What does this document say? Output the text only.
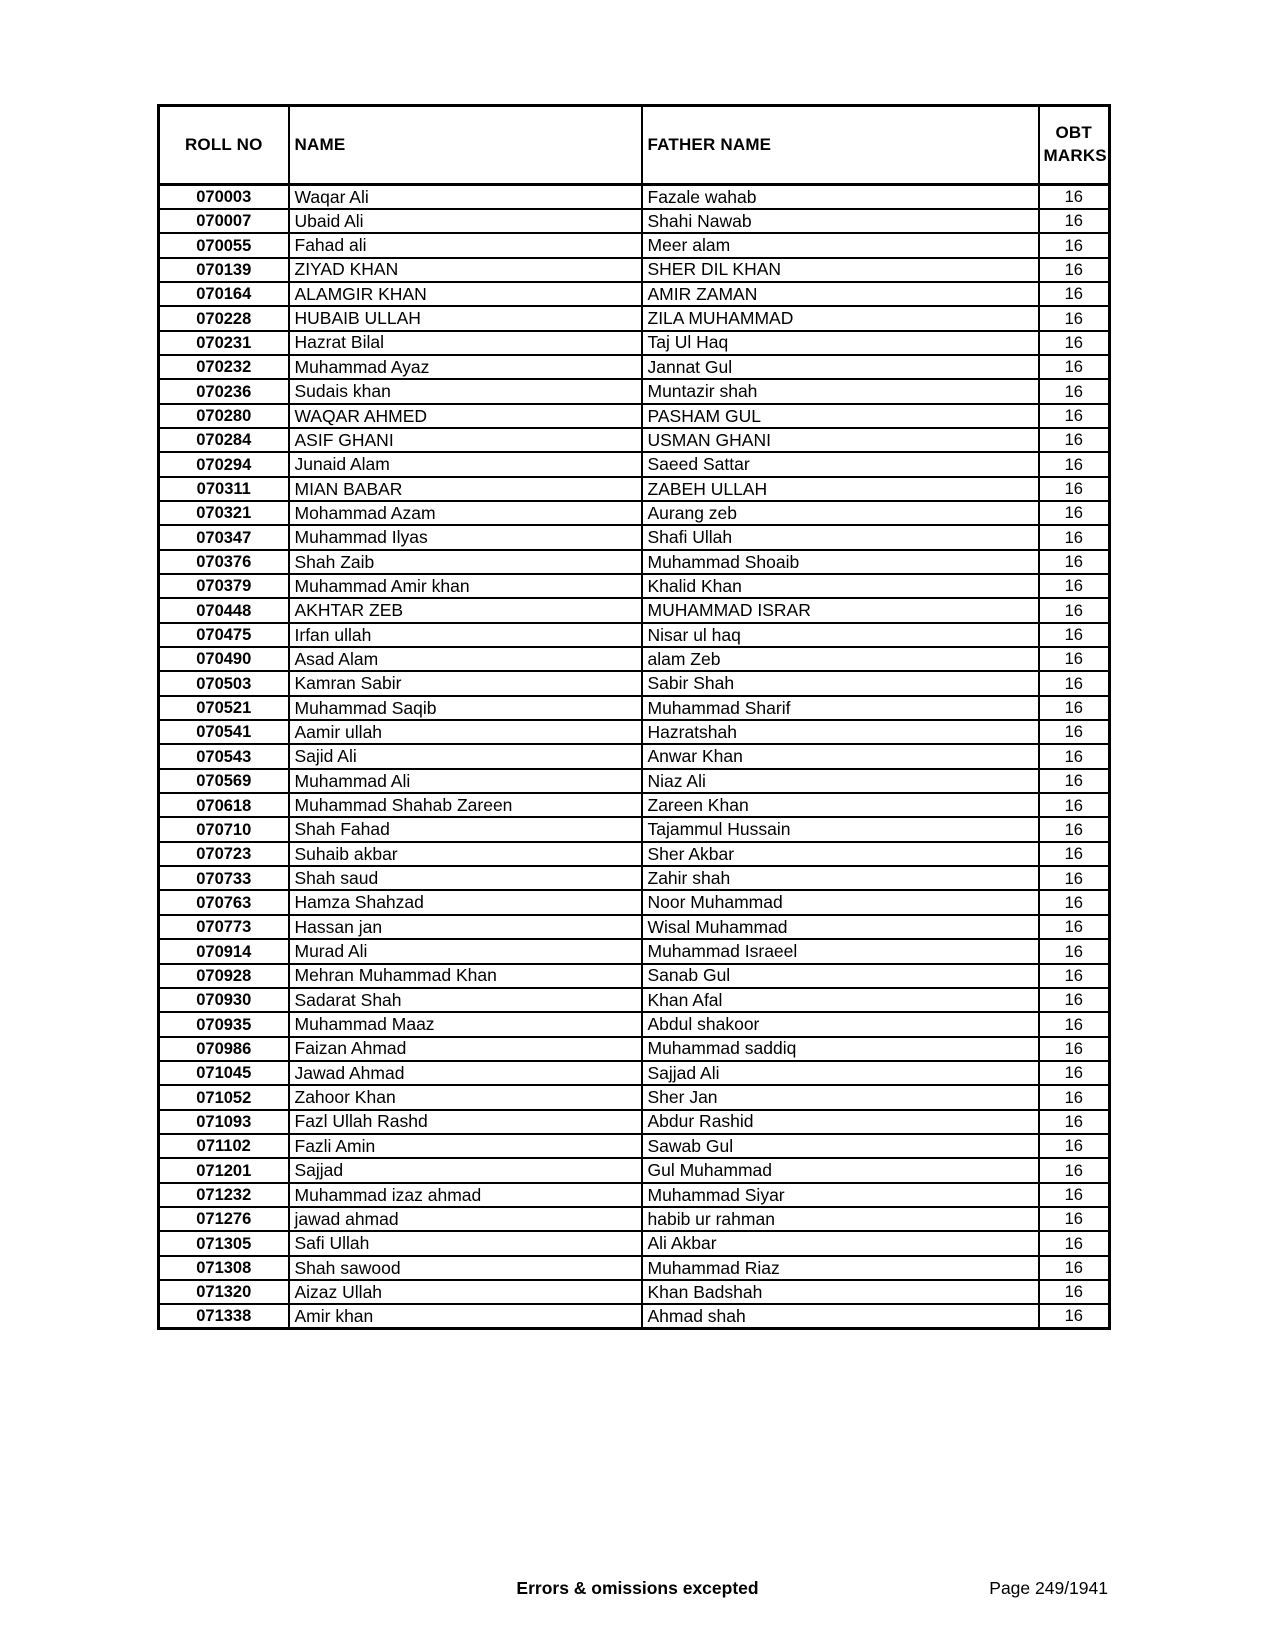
ROLL NO	NAME	FATHER NAME	OBT MARKS
070003	Waqar Ali	Fazale wahab	16
070007	Ubaid Ali	Shahi Nawab	16
070055	Fahad ali	Meer alam	16
070139	ZIYAD KHAN	SHER DIL KHAN	16
070164	ALAMGIR KHAN	AMIR ZAMAN	16
070228	HUBAIB ULLAH	ZILA MUHAMMAD	16
070231	Hazrat Bilal	Taj Ul Haq	16
070232	Muhammad Ayaz	Jannat Gul	16
070236	Sudais khan	Muntazir shah	16
070280	WAQAR AHMED	PASHAM GUL	16
070284	ASIF GHANI	USMAN GHANI	16
070294	Junaid Alam	Saeed Sattar	16
070311	MIAN BABAR	ZABEH ULLAH	16
070321	Mohammad Azam	Aurang zeb	16
070347	Muhammad Ilyas	Shafi Ullah	16
070376	Shah Zaib	Muhammad Shoaib	16
070379	Muhammad Amir khan	Khalid Khan	16
070448	AKHTAR ZEB	MUHAMMAD ISRAR	16
070475	Irfan ullah	Nisar ul haq	16
070490	Asad Alam	alam Zeb	16
070503	Kamran Sabir	Sabir Shah	16
070521	Muhammad Saqib	Muhammad Sharif	16
070541	Aamir ullah	Hazratshah	16
070543	Sajid Ali	Anwar Khan	16
070569	Muhammad Ali	Niaz Ali	16
070618	Muhammad Shahab Zareen	Zareen Khan	16
070710	Shah Fahad	Tajammul Hussain	16
070723	Suhaib akbar	Sher Akbar	16
070733	Shah saud	Zahir shah	16
070763	Hamza Shahzad	Noor Muhammad	16
070773	Hassan jan	Wisal Muhammad	16
070914	Murad Ali	Muhammad Israeel	16
070928	Mehran Muhammad Khan	Sanab Gul	16
070930	Sadarat Shah	Khan Afal	16
070935	Muhammad Maaz	Abdul shakoor	16
070986	Faizan Ahmad	Muhammad saddiq	16
071045	Jawad Ahmad	Sajjad Ali	16
071052	Zahoor Khan	Sher Jan	16
071093	Fazl Ullah Rashd	Abdur Rashid	16
071102	Fazli Amin	Sawab Gul	16
071201	Sajjad	Gul Muhammad	16
071232	Muhammad izaz ahmad	Muhammad Siyar	16
071276	jawad ahmad	habib ur rahman	16
071305	Safi Ullah	Ali Akbar	16
071308	Shah sawood	Muhammad Riaz	16
071320	Aizaz Ullah	Khan Badshah	16
071338	Amir khan	Ahmad shah	16
Errors & omissions excepted	Page 249/1941
